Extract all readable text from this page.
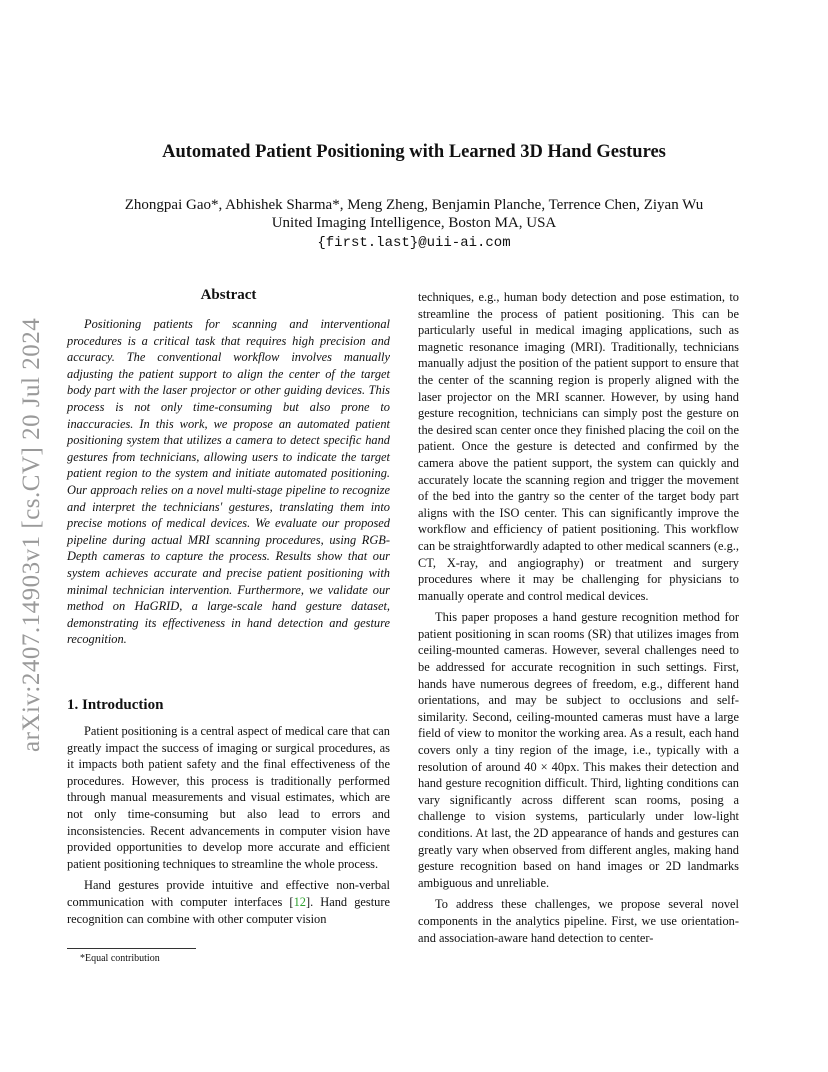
arXiv:2407.14903v1 [cs.CV] 20 Jul 2024
Automated Patient Positioning with Learned 3D Hand Gestures
Zhongpai Gao*, Abhishek Sharma*, Meng Zheng, Benjamin Planche, Terrence Chen, Ziyan Wu
United Imaging Intelligence, Boston MA, USA
{first.last}@uii-ai.com
Abstract

Positioning patients for scanning and interventional procedures is a critical task that requires high precision and accuracy. The conventional workflow involves manually adjusting the patient support to align the center of the target body part with the laser projector or other guiding devices. This process is not only time-consuming but also prone to inaccuracies. In this work, we propose an automated patient positioning system that utilizes a camera to detect specific hand gestures from technicians, allowing users to indicate the target patient region to the system and initiate automated positioning. Our approach relies on a novel multi-stage pipeline to recognize and interpret the technicians' gestures, translating them into precise motions of medical devices. We evaluate our proposed pipeline during actual MRI scanning procedures, using RGB-Depth cameras to capture the process. Results show that our system achieves accurate and precise patient positioning with minimal technician intervention. Furthermore, we validate our method on HaGRID, a large-scale hand gesture dataset, demonstrating its effectiveness in hand detection and gesture recognition.

1. Introduction

Patient positioning is a central aspect of medical care that can greatly impact the success of imaging or surgical procedures, as it impacts both patient safety and the final effectiveness of the procedures. However, this process is traditionally performed through manual measurements and visual estimates, which are not only time-consuming but also lead to errors and inconsistencies. Recent advancements in computer vision have provided opportunities to develop more accurate and efficient patient positioning techniques to streamline the whole process.

Hand gestures provide intuitive and effective non-verbal communication with computer interfaces [12]. Hand gesture recognition can combine with other computer vision

techniques, e.g., human body detection and pose estimation, to streamline the process of patient positioning. This can be particularly useful in medical imaging applications, such as magnetic resonance imaging (MRI). Traditionally, technicians manually adjust the position of the patient support to ensure that the center of the scanning region is properly aligned with the laser projector on the MRI scanner. However, by using hand gesture recognition, technicians can simply post the gesture on the desired scan center once they finished placing the coil on the patient. Once the gesture is detected and confirmed by the camera above the patient support, the system can quickly and accurately locate the scanning region and trigger the movement of the bed into the gantry so the center of the target body part aligns with the ISO center. This can significantly improve the workflow and efficiency of patient positioning. This workflow can be straightforwardly adapted to other medical scanners (e.g., CT, X-ray, and angiography) or treatment and surgery procedures where it may be challenging for physicians to manually operate and control medical devices.

This paper proposes a hand gesture recognition method for patient positioning in scan rooms (SR) that utilizes images from ceiling-mounted cameras. However, several challenges need to be addressed for accurate recognition in such settings. First, hands have numerous degrees of freedom, e.g., different hand orientations, and may be subject to occlusions and self-similarity. Second, ceiling-mounted cameras must have a large field of view to monitor the working area. As a result, each hand covers only a tiny region of the image, i.e., typically with a resolution of around 40 × 40px. This makes their detection and hand gesture recognition difficult. Third, lighting conditions can vary significantly across different scan rooms, posing a challenge to vision systems, particularly under low-light conditions. At last, the 2D appearance of hands and gestures can greatly vary when observed from different angles, making hand gesture recognition based on hand images or 2D landmarks ambiguous and unreliable.

To address these challenges, we propose several novel components in the analytics pipeline. First, we use orientation- and association-aware hand detection to center-

*Equal contribution
